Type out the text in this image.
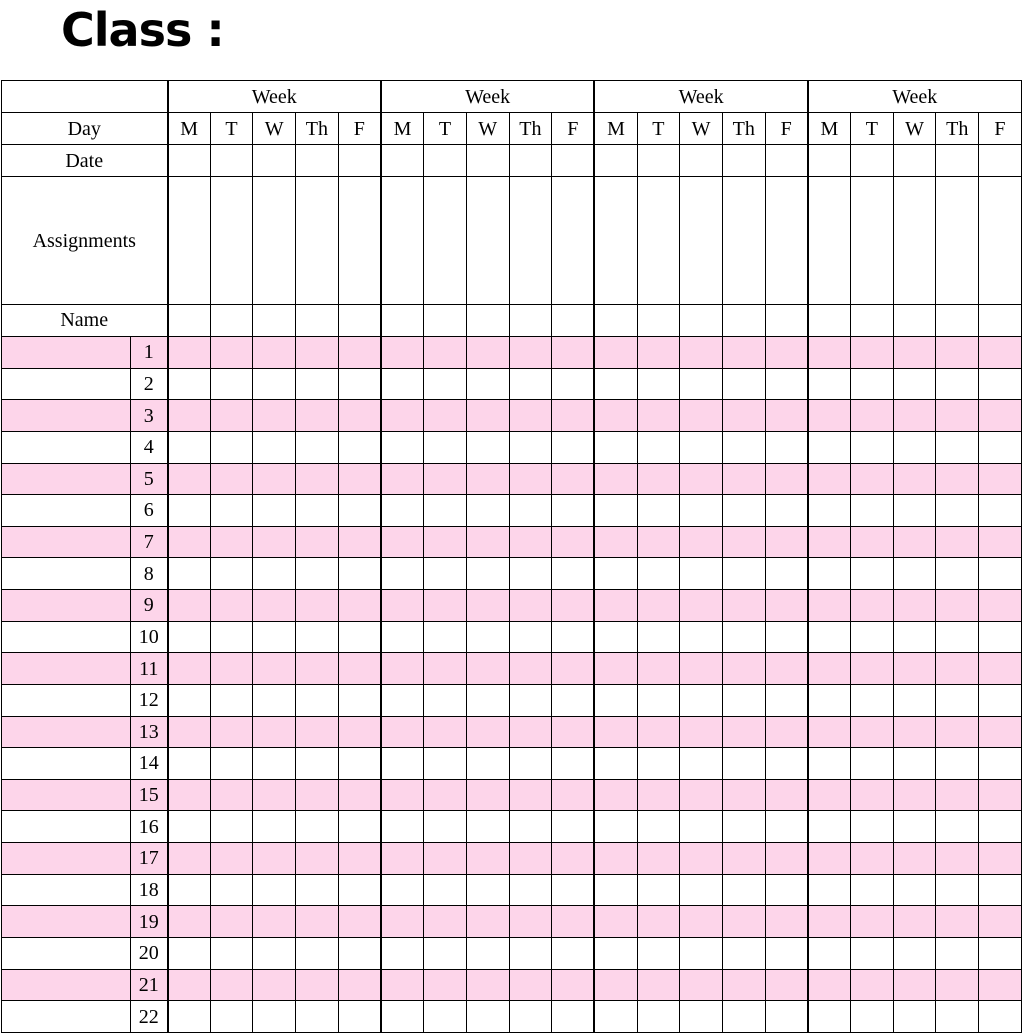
Class :
		Week					Week					Week					Week				
Day		M	T	W	Th	F	M	T	W	Th	F	M	T	W	Th	F	M	T	W	Th	F
Date																					
Assignments																					
Name																					
	1																				
	2																				
	3																				
	4																				
	5																				
	6																				
	7																				
	8																				
	9																				
	10																				
	11																				
	12																				
	13																				
	14																				
	15																				
	16																				
	17																				
	18																				
	19																				
	20																				
	21																				
	22																				
